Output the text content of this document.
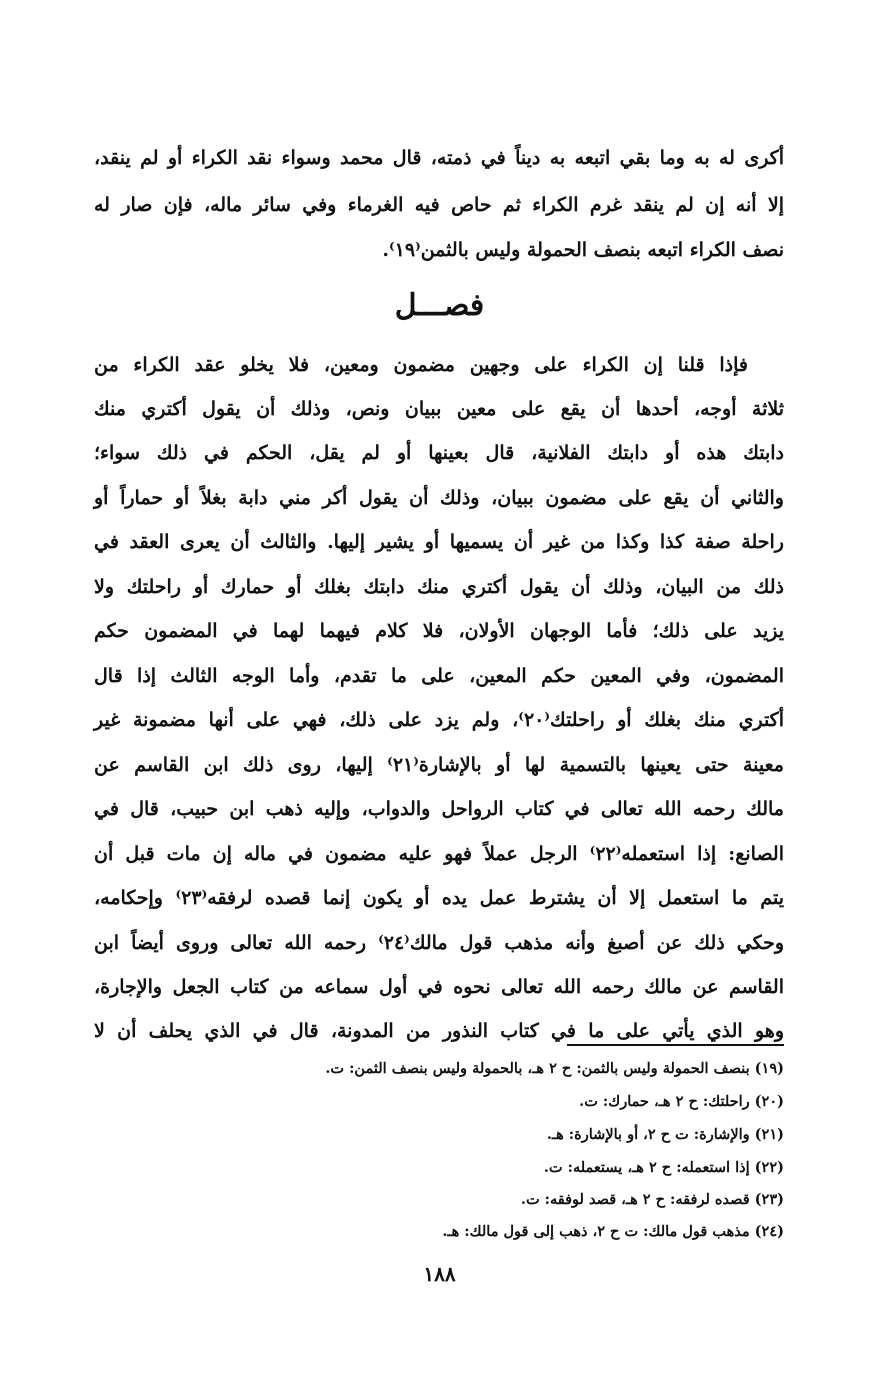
أكرى له به وما بقي اتبعه به ديناً في ذمته، قال محمد وسواء نقد الكراء أو لم ينقد،
إلا أنه إن لم ينقد غرم الكراء ثم حاص فيه الغرماء وفي سائر ماله، فإن صار له
نصف الكراء اتبعه بنصف الحمولة وليس بالثمن⁽١٩⁾.
فصـــل
فإذا قلنا إن الكراء على وجهين مضمون ومعين، فلا يخلو عقد الكراء من
ثلاثة أوجه، أحدها أن يقع على معين ببيان ونص، وذلك أن يقول أكتري منك
دابتك هذه أو دابتك الفلانية، قال بعينها أو لم يقل، الحكم في ذلك سواء؛
والثاني أن يقع على مضمون ببيان، وذلك أن يقول أكر مني دابة بغلاً أو حماراً أو
راحلة صفة كذا وكذا من غير أن يسميها أو يشير إليها. والثالث أن يعرى العقد في
ذلك من البيان، وذلك أن يقول أكتري منك دابتك بغلك أو حمارك أو راحلتك ولا
يزيد على ذلك؛ فأما الوجهان الأولان، فلا كلام فيهما لهما في المضمون حكم
المضمون، وفي المعين حكم المعين، على ما تقدم، وأما الوجه الثالث إذا قال
أكتري منك بغلك أو راحلتك⁽٢٠⁾، ولم يزد على ذلك، فهي على أنها مضمونة غير
معينة حتى يعينها بالتسمية لها أو بالإشارة⁽٢١⁾ إليها، روى ذلك ابن القاسم عن
مالك رحمه الله تعالى في كتاب الرواحل والدواب، وإليه ذهب ابن حبيب، قال في
الصانع: إذا استعمله⁽٢٢⁾ الرجل عملاً فهو عليه مضمون في ماله إن مات قبل أن
يتم ما استعمل إلا أن يشترط عمل يده أو يكون إنما قصده لرفقه⁽٢٣⁾ وإحكامه،
وحكي ذلك عن أصبغ وأنه مذهب قول مالك⁽٢٤⁾ رحمه الله تعالى وروى أيضاً ابن
القاسم عن مالك رحمه الله تعالى نحوه في أول سماعه من كتاب الجعل والإجارة،
وهو الذي يأتي على ما في كتاب النذور من المدونة، قال في الذي يحلف أن لا
(١٩) بنصف الحمولة وليس بالثمن: ح ٢ هـ، بالحمولة وليس بنصف الثمن: ت.
(٢٠) راحلتك: ح ٢ هـ، حمارك: ت.
(٢١) والإشارة: ت ح ٢، أو بالإشارة: هـ.
(٢٢) إذا استعمله: ح ٢ هـ، يستعمله: ت.
(٢٣) قصده لرفقه: ح ٢ هـ، قصد لوفقه: ت.
(٢٤) مذهب قول مالك: ت ح ٢، ذهب إلى قول مالك: هـ.
١٨٨
